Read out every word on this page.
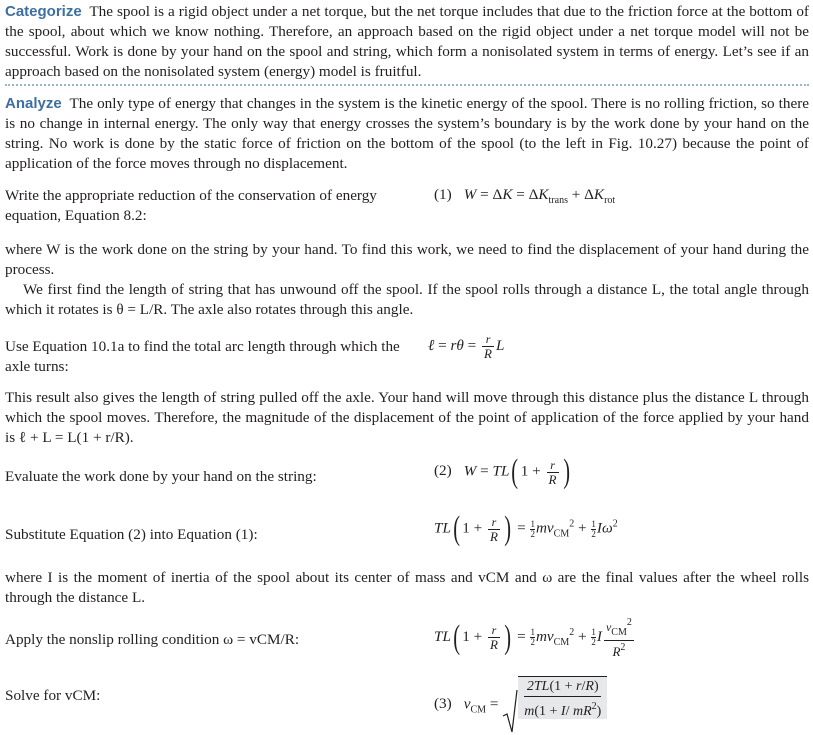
Categorize The spool is a rigid object under a net torque, but the net torque includes that due to the friction force at the bottom of the spool, about which we know nothing. Therefore, an approach based on the rigid object under a net torque model will not be successful. Work is done by your hand on the spool and string, which form a nonisolated system in terms of energy. Let’s see if an approach based on the nonisolated system (energy) model is fruitful.
Analyze The only type of energy that changes in the system is the kinetic energy of the spool. There is no rolling friction, so there is no change in internal energy. The only way that energy crosses the system’s boundary is by the work done by your hand on the string. No work is done by the static force of friction on the bottom of the spool (to the left in Fig. 10.27) because the point of application of the force moves through no displacement.
Write the appropriate reduction of the conservation of energy equation, Equation 8.2:
(1) $W = \Delta K = \Delta K_{trans} + \Delta K_{rot}$
where W is the work done on the string by your hand. To find this work, we need to find the displacement of your hand during the process.
We first find the length of string that has unwound off the spool. If the spool rolls through a distance L, the total angle through which it rotates is θ = L/R. The axle also rotates through this angle.
Use Equation 10.1a to find the total arc length through which the axle turns:
ℓ = $r\theta = \frac{r}{R}$ L
This result also gives the length of string pulled off the axle. Your hand will move through this distance plus the distance L through which the spool moves. Therefore, the magnitude of the displacement of the point of application of the force applied by your hand is ℓ + L = L(1 + r/R).
Evaluate the work done by your hand on the string:	(2) W = TL( $1 + \frac{r}{R}$ )
Substitute Equation (2) into Equation (1):	TL( $1 + \frac{r}{R}$ ) = $\frac{1}{2}mv_{CM}^2 + \frac{1}{2}I\omega^2$
where I is the moment of inertia of the spool about its center of mass and vCM and ω are the final values after the wheel rolls through the distance L.
Apply the nonslip rolling condition ω = vCM/R:	TL( $1 + \frac{r}{R}$ ) = $\frac{1}{2}mv_{CM}^2 + \frac{1}{2}I \frac{v_{CM}^2}{R^2}$
Solve for vCM:	(3) $v_{CM} = \frac{2TL(1 + r/R)}{m(1 + I/ mR^2)}$
